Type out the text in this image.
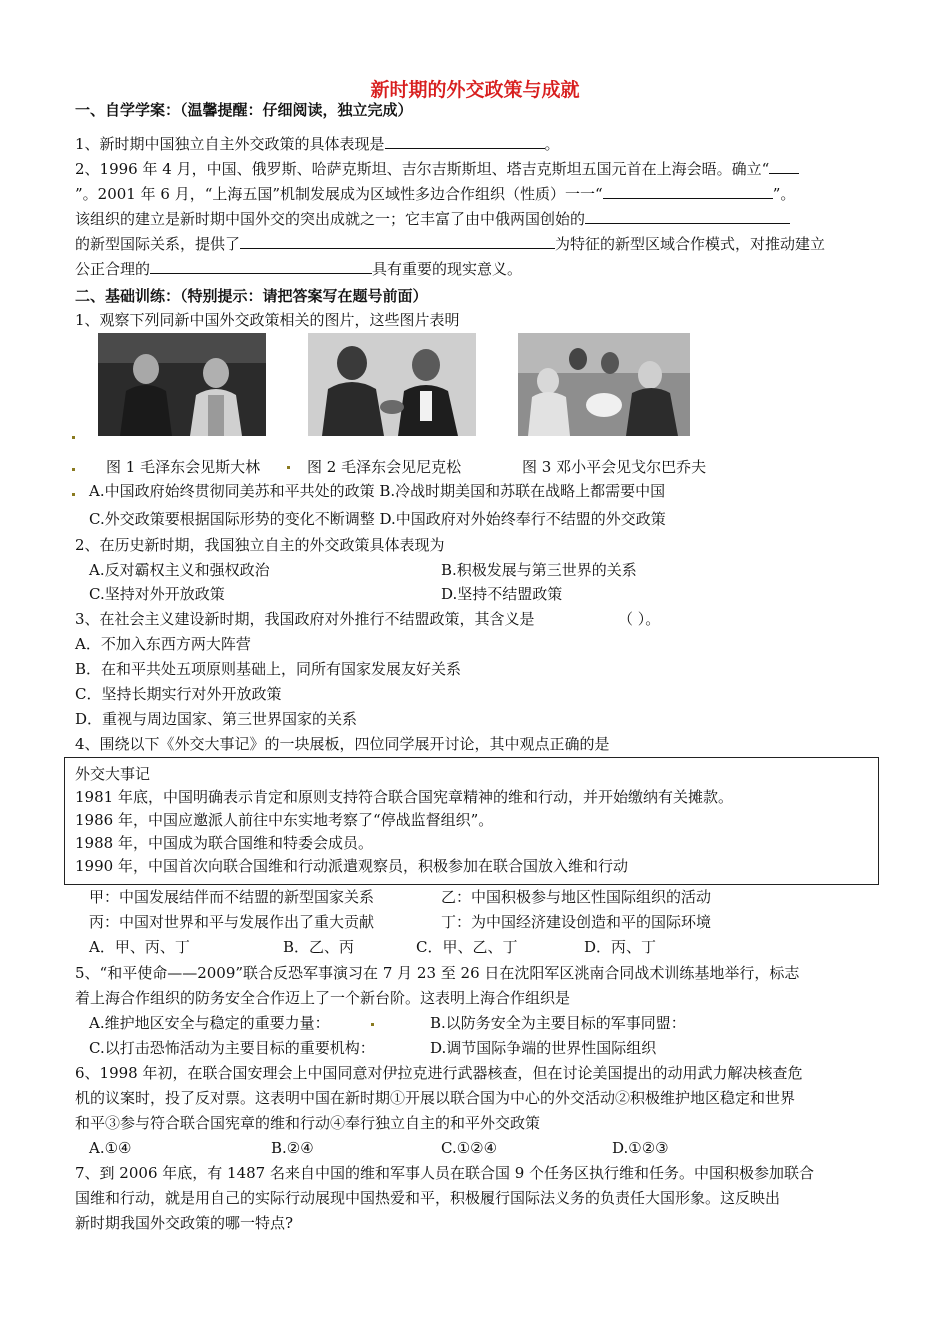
新时期的外交政策与成就
一、自学学案：（温馨提醒：仔细阅读，独立完成）
1、新时期中国独立自主外交政策的具体表现是	。
2、1996 年 4 月，中国、俄罗斯、哈萨克斯坦、吉尔吉斯斯坦、塔吉克斯坦五国元首在上海会晤。确立“
”。2001 年 6 月，“上海五国”机制发展成为区域性多边合作组织（性质）一一“	”。
该组织的建立是新时期中国外交的突出成就之一；它丰富了由中俄两国创始的
的新型国际关系，提供了	为特征的新型区域合作模式，对推动建立
公正合理的	具有重要的现实意义。
二、基础训练：（特别提示：请把答案写在题号前面）
1、观察下列同新中国外交政策相关的图片，这些图片表明
图 1 毛泽东会见斯大林	图 2 毛泽东会见尼克松	图 3 邓小平会见戈尔巴乔夫
A.中国政府始终贯彻同美苏和平共处的政策 B.冷战时期美国和苏联在战略上都需要中国
C.外交政策要根据国际形势的变化不断调整 D.中国政府对外始终奉行不结盟的外交政策
2、在历史新时期，我国独立自主的外交政策具体表现为
A.反对霸权主义和强权政治	B.积极发展与第三世界的关系
C.坚持对外开放政策	D.坚持不结盟政策
3、在社会主义建设新时期，我国政府对外推行不结盟政策，其含义是	（ ）。
A．不加入东西方两大阵营
B．在和平共处五项原则基础上，同所有国家发展友好关系
C．坚持长期实行对外开放政策
D．重视与周边国家、第三世界国家的关系
4、围绕以下《外交大事记》的一块展板，四位同学展开讨论，其中观点正确的是
外交大事记
1981 年底，中国明确表示肯定和原则支持符合联合国宪章精神的维和行动，并开始缴纳有关摊款。
1986 年，中国应邀派人前往中东实地考察了“停战监督组织”。
1988 年，中国成为联合国维和特委会成员。
1990 年，中国首次向联合国维和行动派遣观察员，积极参加在联合国放入维和行动
甲：中国发展结伴而不结盟的新型国家关系	乙：中国积极参与地区性国际组织的活动
丙：中国对世界和平与发展作出了重大贡献	丁：为中国经济建设创造和平的国际环境
A．甲、丙、丁	B．乙、丙	C．甲、乙、丁	D．丙、丁
5、“和平使命——2009”联合反恐军事演习在 7 月 23 至 26 日在沈阳军区洮南合同战术训练基地举行，标志
着上海合作组织的防务安全合作迈上了一个新台阶。这表明上海合作组织是
A.维护地区安全与稳定的重要力量：	B.以防务安全为主要目标的军事同盟：
C.以打击恐怖活动为主要目标的重要机构：	D.调节国际争端的世界性国际组织
6、1998 年初，在联合国安理会上中国同意对伊拉克进行武器核查，但在讨论美国提出的动用武力解决核查危
机的议案时，投了反对票。这表明中国在新时期①开展以联合国为中心的外交活动②积极维护地区稳定和世界
和平③参与符合联合国宪章的维和行动④奉行独立自主的和平外交政策
A.①④	B.②④	C.①②④	D.①②③
7、到 2006 年底，有 1487 名来自中国的维和军事人员在联合国 9 个任务区执行维和任务。中国积极参加联合
国维和行动，就是用自己的实际行动展现中国热爱和平，积极履行国际法义务的负责任大国形象。这反映出
新时期我国外交政策的哪一特点?
